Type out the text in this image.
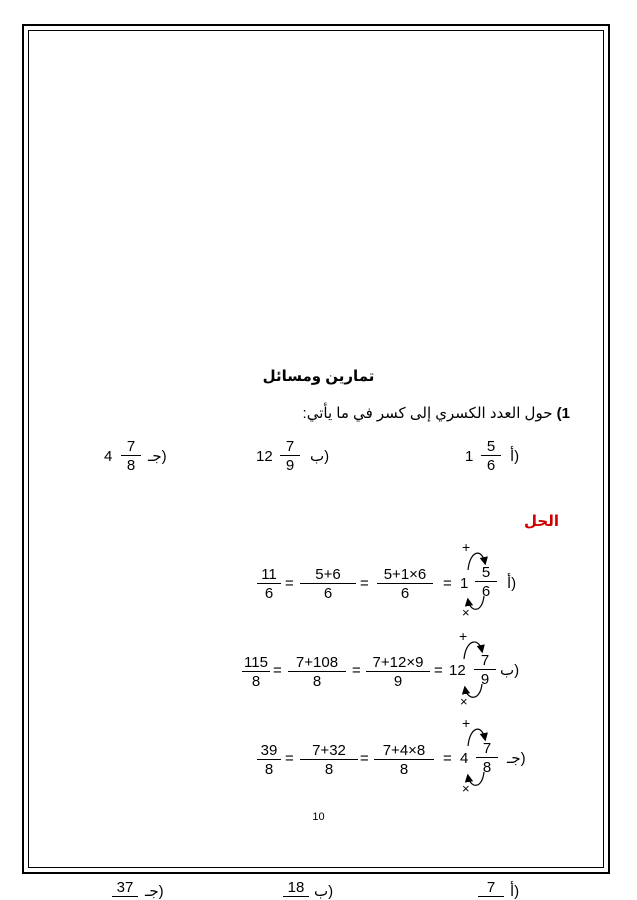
تمارين ومسائل
1) حول العدد الكسري إلى كسر في ما يأتي:
أ)
5
6
1
ب)
7
9
12
جـ)
7
8
4
الحل
أ)
5
6
1
=
5+1×6
6
=
5+6
6
=
11
6
+
×
ب)
7
9
12
=
7+12×9
9
=
7+108
8
=
115
8
+
×
جـ)
7
8
4
=
7+4×8
8
=
7+32
8
=
39
8
+
×
10
أ)
7
ب)
18
جـ)
37
